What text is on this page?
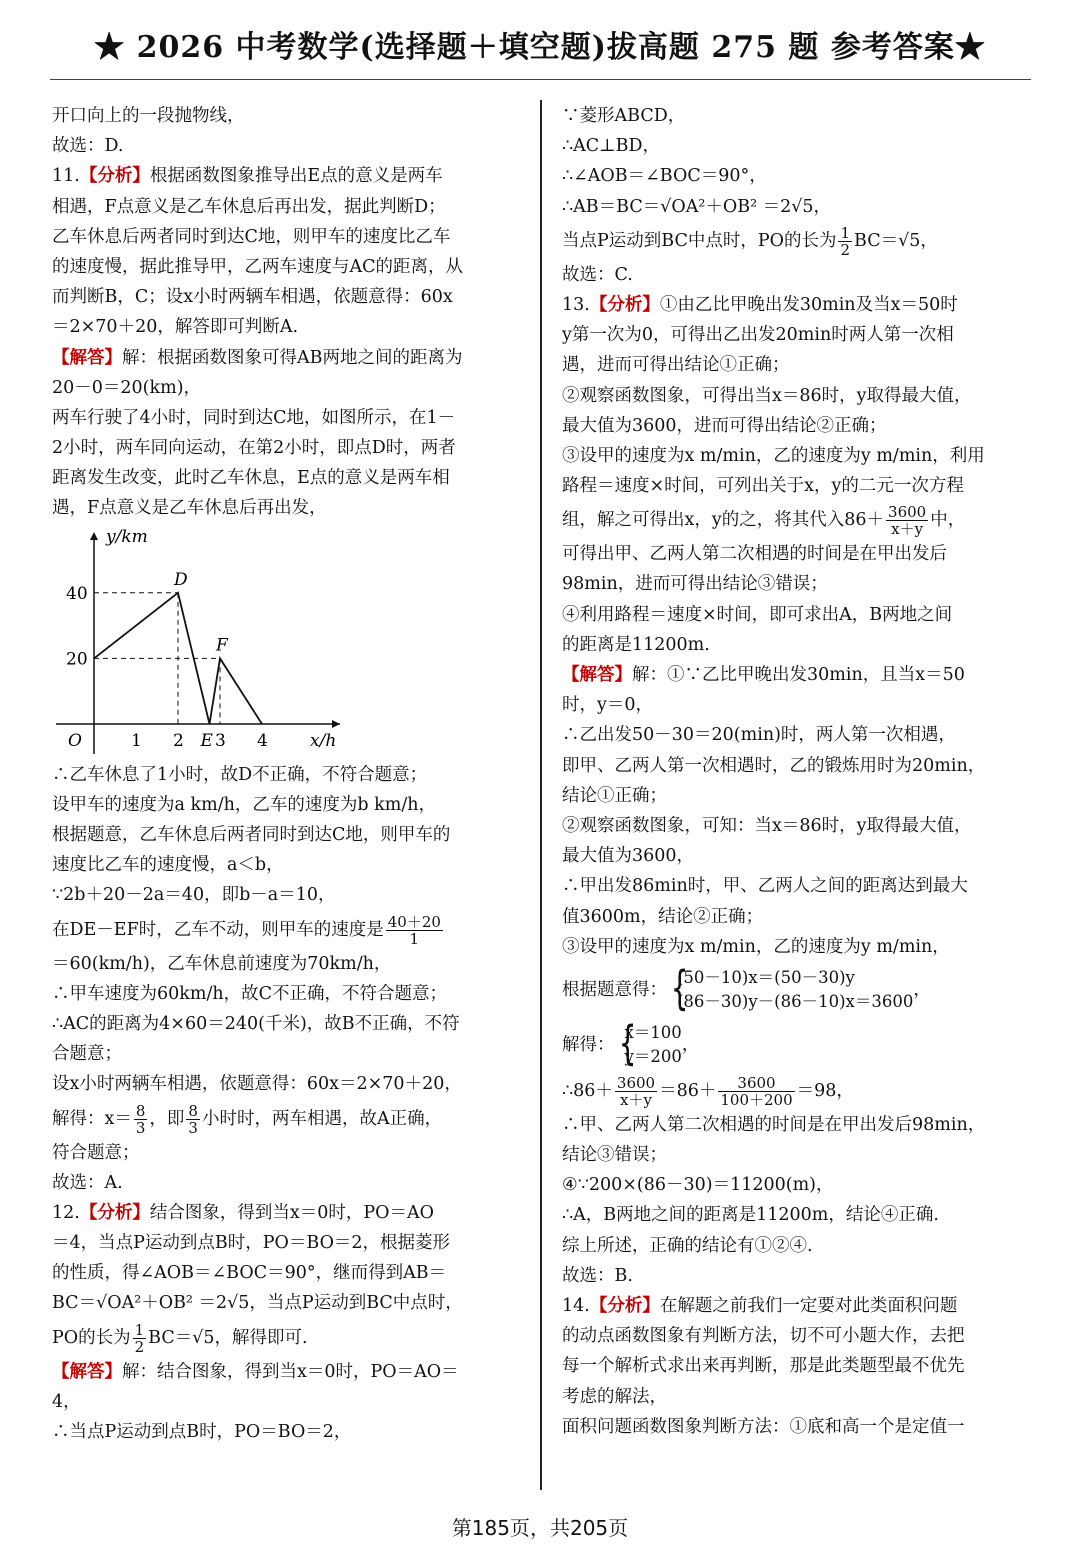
★ 2026 中考数学(选择题＋填空题)拔高题 275 题 参考答案★
开口向上的一段抛物线，
故选：D.
11.【分析】根据函数图象推导出E点的意义是两车
相遇，F点意义是乙车休息后再出发，据此判断D；
乙车休息后两者同时到达C地，则甲车的速度比乙车
的速度慢，据此推导甲，乙两车速度与AC的距离，从
而判断B，C；设x小时两辆车相遇，依题意得：60x
＝2×70＋20，解答即可判断A.
【解答】解：根据函数图象可得AB两地之间的距离为
20－0＝20(km)，
两车行驶了4小时，同时到达C地，如图所示，在1－
2小时，两车同向运动，在第2小时，即点D时，两者
距离发生改变，此时乙车休息，E点的意义是两车相
遇，F点意义是乙车休息后再出发，
y/km
x/h
O
20
40
1 2 E 3 4
D
F
∴乙车休息了1小时，故D不正确，不符合题意；
设甲车的速度为a km/h，乙车的速度为b km/h，
根据题意，乙车休息后两者同时到达C地，则甲车的
速度比乙车的速度慢，a＜b，
∵2b＋20－2a＝40，即b－a＝10，
在DE－EF时，乙车不动，则甲车的速度是 $\frac{40+20}{1}$
＝60(km/h)，乙车休息前速度为70km/h，
∴甲车速度为60km/h，故C不正确，不符合题意；
∴AC的距离为4×60＝240(千米)，故B不正确，不符
合题意；
设x小时两辆车相遇，依题意得：60x＝2×70＋20，
解得：$x= \frac{8}{3}$ ，即 $\frac{8}{3}$ 小时时，两车相遇，故A正确，
符合题意；
故选：A.
12.【分析】结合图象，得到当x＝0时，PO＝AO
＝4，当点P运动到点B时，PO＝BO＝2，根据菱形
的性质，得∠AOB＝∠BOC＝90°，继而得到AB＝
BC＝√OA²＋OB² ＝2√5，当点P运动到BC中点时，
PO的长为 $\frac{1}{2} BC=√5$，解得即可.
【解答】解：结合图象，得到当x＝0时，PO＝AO＝
4，
∴当点P运动到点B时，PO＝BO＝2，
∵菱形ABCD，
∴AC⊥BD，
∴∠AOB＝∠BOC＝90°，
∴AB＝BC＝√OA²＋OB² ＝2√5，
当点P运动到BC中点时，PO的长为 $\frac{1}{2} BC=√5$，
故选：C.
13.【分析】①由乙比甲晚出发30min及当x＝50时
y第一次为0，可得出乙出发20min时两人第一次相
遇，进而可得出结论①正确；
②观察函数图象，可得出当x＝86时，y取得最大值，
最大值为3600，进而可得出结论②正确；
③设甲的速度为x m/min，乙的速度为y m/min，利用
路程＝速度×时间，可列出关于x，y的二元一次方程
组，解之可得出x，y的之，将其代入$86+ \frac{3600}{x+y}$ 中，
可得出甲、乙两人第二次相遇的时间是在甲出发后
98min，进而可得出结论③错误；
④利用路程＝速度×时间，即可求出A，B两地之间
的距离是11200m.
【解答】解：①∵乙比甲晚出发30min，且当x＝50
时，y＝0，
∴乙出发50－30＝20(min)时，两人第一次相遇，
即甲、乙两人第一次相遇时，乙的锻炼用时为20min，
结论①正确；
②观察函数图象，可知：当x＝86时，y取得最大值，
最大值为3600，
∴甲出发86min时，甲、乙两人之间的距离达到最大
值3600m，结论②正确；
③设甲的速度为x m/min，乙的速度为y m/min，
根据题意得：
{ (50－10)x＝(50－30)y
(86－30)y－(86－10)x＝3600
，
解得：
{ x＝100
y＝200
，
∴86＋ $\frac{3600}{x+y} =86+ \frac{3600}{100+200} =98$，
∴甲、乙两人第二次相遇的时间是在甲出发后98min，
结论③错误；
④∵200×(86－30)＝11200(m)，
∴A，B两地之间的距离是11200m，结论④正确.
综上所述，正确的结论有①②④.
故选：B.
14.【分析】在解题之前我们一定要对此类面积问题
的动点函数图象有判断方法，切不可小题大作，去把
每一个解析式求出来再判断，那是此类题型最不优先
考虑的解法，
面积问题函数图象判断方法：①底和高一个是定值一
第185页，共205页
